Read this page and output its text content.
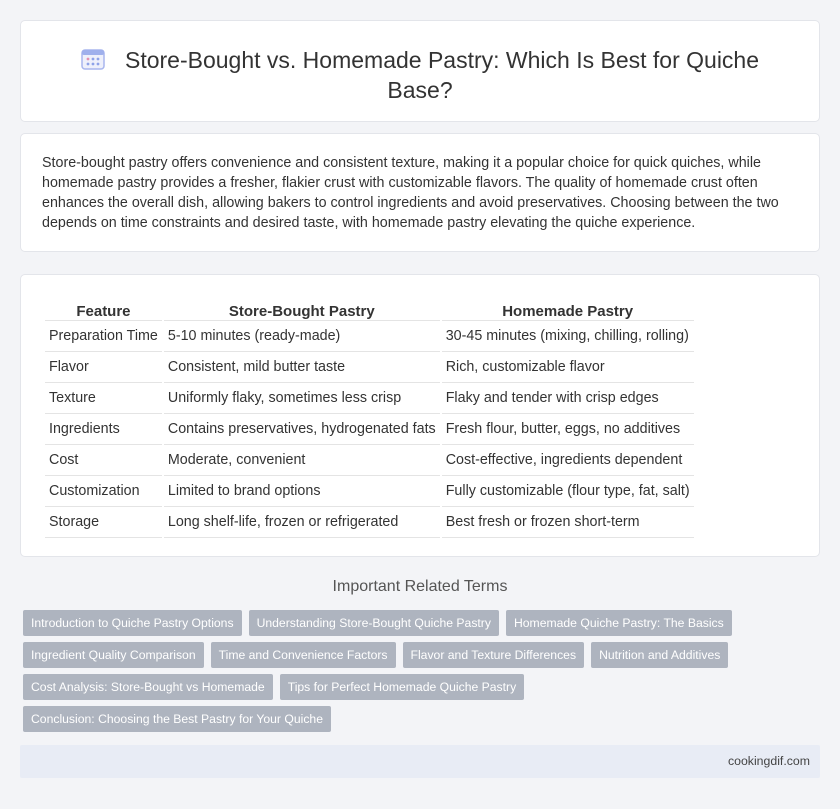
Store-Bought vs. Homemade Pastry: Which Is Best for Quiche Base?

Store-bought pastry offers convenience and consistent texture, making it a popular choice for quick quiches, while homemade pastry provides a fresher, flakier crust with customizable flavors. The quality of homemade crust often enhances the overall dish, allowing bakers to control ingredients and avoid preservatives. Choosing between the two depends on time constraints and desired taste, with homemade pastry elevating the quiche experience.

Feature	Store-Bought Pastry	Homemade Pastry
Preparation Time	5-10 minutes (ready-made)	30-45 minutes (mixing, chilling, rolling)
Flavor	Consistent, mild butter taste	Rich, customizable flavor
Texture	Uniformly flaky, sometimes less crisp	Flaky and tender with crisp edges
Ingredients	Contains preservatives, hydrogenated fats	Fresh flour, butter, eggs, no additives
Cost	Moderate, convenient	Cost-effective, ingredients dependent
Customization	Limited to brand options	Fully customizable (flour type, fat, salt)
Storage	Long shelf-life, frozen or refrigerated	Best fresh or frozen short-term
Important Related Terms
Introduction to Quiche Pastry Options	Understanding Store-Bought Quiche Pastry	Homemade Quiche Pastry: The Basics
Ingredient Quality Comparison	Time and Convenience Factors	Flavor and Texture Differences	Nutrition and Additives
Cost Analysis: Store-Bought vs Homemade	Tips for Perfect Homemade Quiche Pastry
Conclusion: Choosing the Best Pastry for Your Quiche
cookingdif.com
